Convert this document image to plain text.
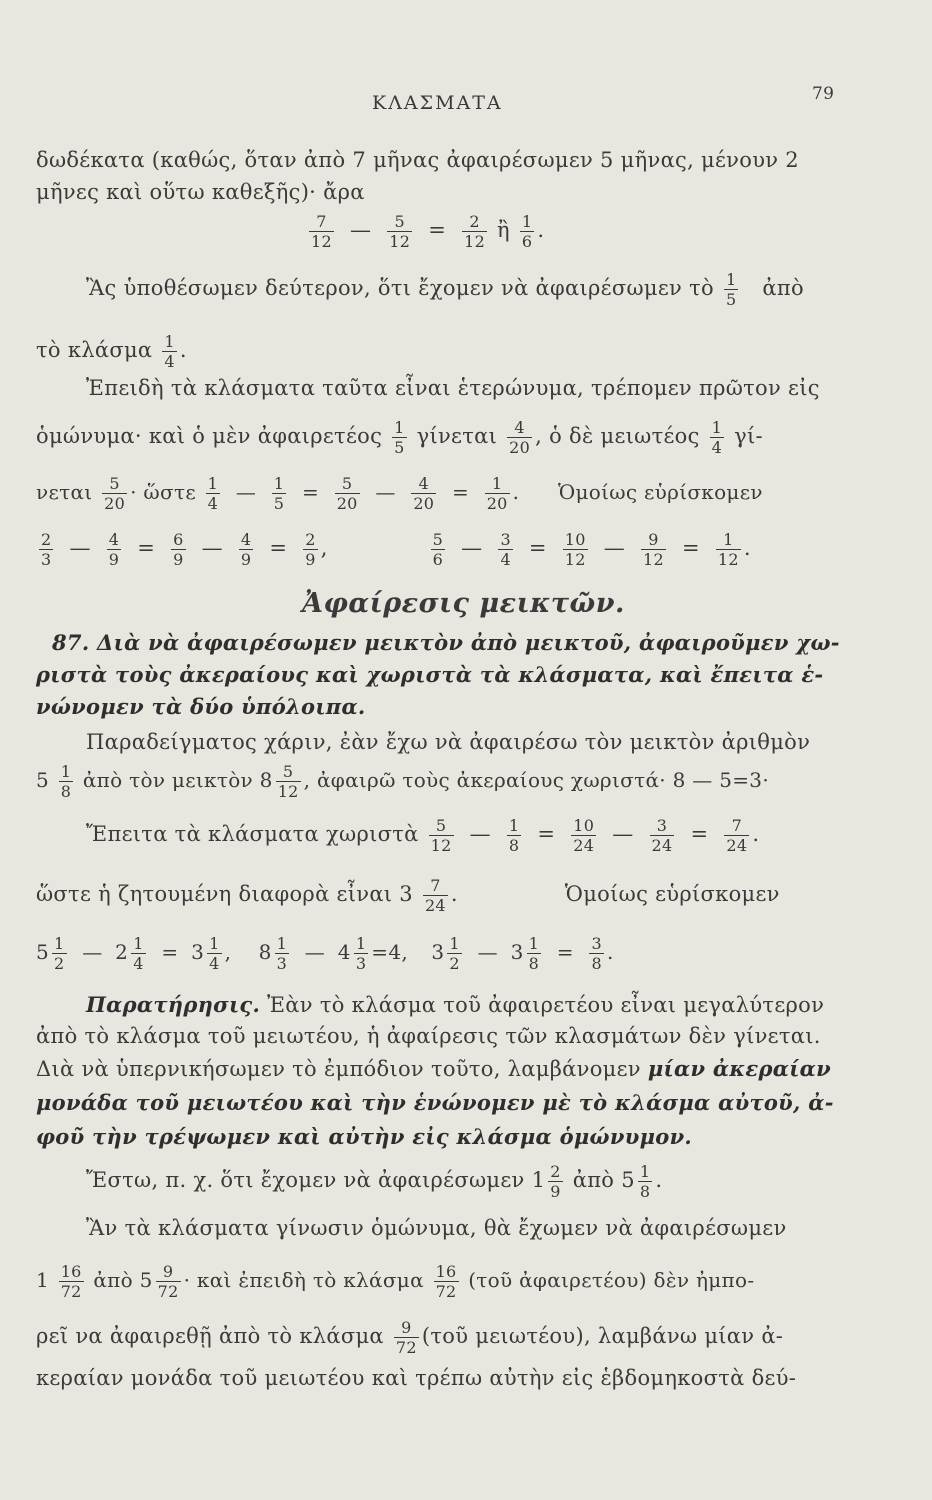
ΚΛΑΣΜΑΤΑ	79
δωδέκατα (καθώς, ὅταν ἀπὸ 7 μῆνας ἀφαιρέσωμεν 5 μῆνας, μένουν 2
μῆνες καὶ οὕτω καθεξῆς)· ἄρα
$\frac{7}{12}$ — $\frac{5}{12} = \frac{2}{12}$ ἢ $\frac{1}{6}$ .
Ἂς ὑποθέσωμεν δεύτερον, ὅτι ἔχομεν νὰ ἀφαιρέσωμεν τὸ $\frac{1}{5}$ ἀπὸ
τὸ κλάσμα $\frac{1}{4}$ .
Ἐπειδὴ τὰ κλάσματα ταῦτα εἶναι ἑτερώνυμα, τρέπομεν πρῶτον εἰς
ὁμώνυμα· καὶ ὁ μὲν ἀφαιρετέος $\frac{1}{5}$ γίνεται $\frac{4}{20}$ , ὁ δὲ μειωτέος $\frac{1}{4} \gamma ί-$
νεται $\frac{5}{20}$ · ὥστε $\frac{1}{4}$ — $\frac{1}{5} = \frac{5}{20}$ — $\frac{4}{20} = \frac{1}{20}$ . Ὁμοίως εὑρίσκομεν
$\frac{2}{3}$ — $\frac{4}{9} = \frac{6}{9}$ — $\frac{4}{9} = \frac{2}{9}$ ,	$\frac{5}{6}$ — $\frac{3}{4} = \frac{10}{12}$ — $\frac{9}{12} = \frac{1}{12}$ .
Ἀφαίρεσις μεικτῶν.
87. Διὰ νὰ ἀφαιρέσωμεν μεικτὸν ἀπὸ μεικτοῦ, ἀφαιροῦμεν χω-
ριστὰ τοὺς ἀκεραίους καὶ χωριστὰ τὰ κλάσματα, καὶ ἔπειτα ἑ-
νώνομεν τὰ δύο ὑπόλοιπα.
Παραδείγματος χάριν, ἐὰν ἔχω νὰ ἀφαιρέσω τὸν μεικτὸν ἀριθμὸν
$5 \frac{1}{8}$ ἀπὸ τὸν μεικτὸν $8 \frac{5}{12}$ , ἀφαιρῶ τοὺς ἀκεραίους χωριστά· 8 — 5=3·
Ἔπειτα τὰ κλάσματα χωριστὰ $\frac{5}{12}$ — $\frac{1}{8} = \frac{10}{24}$ — $\frac{3}{24} = \frac{7}{24}$ .
ὥστε ἡ ζητουμένη διαφορὰ εἶναι $3 \frac{7}{24}$ .	Ὁμοίως εὑρίσκομεν
$5 \frac{1}{2}$ — $2 \frac{1}{4} = 3 \frac{1}{4}$ ,  $8 \frac{1}{3}$ — $4 \frac{1}{3} =4$, $3 \frac{1}{2}$ — $3 \frac{1}{8} = \frac{3}{8}$ .
Παρατήρησις. Ἐὰν τὸ κλάσμα τοῦ ἀφαιρετέου εἶναι μεγαλύτερον
ἀπὸ τὸ κλάσμα τοῦ μειωτέου, ἡ ἀφαίρεσις τῶν κλασμάτων δὲν γίνεται.
Διὰ νὰ ὑπερνικήσωμεν τὸ ἐμπόδιον τοῦτο, λαμβάνομεν μίαν ἀκεραίαν
μονάδα τοῦ μειωτέου καὶ τὴν ἑνώνομεν μὲ τὸ κλάσμα αὐτοῦ, ἀ-
φοῦ τὴν τρέψωμεν καὶ αὐτὴν εἰς κλάσμα ὁμώνυμον.
Ἔστω, π. χ. ὅτι ἔχομεν νὰ ἀφαιρέσωμεν $1 \frac{2}{9}$ ἀπὸ $5 \frac{1}{8}$ .
Ἂν τὰ κλάσματα γίνωσιν ὁμώνυμα, θὰ ἔχωμεν νὰ ἀφαιρέσωμεν
$1 \frac{16}{72}$ ἀπὸ $5 \frac{9}{72}$ · καὶ ἐπειδὴ τὸ κλάσμα $\frac{16}{72}$ (τοῦ ἀφαιρετέου) δὲν ἠμπο-
ρεῖ να ἀφαιρεθῇ ἀπὸ τὸ κλάσμα $\frac{9}{72}$ (τοῦ μειωτέου), λαμβάνω μίαν ἀ-
κεραίαν μονάδα τοῦ μειωτέου καὶ τρέπω αὐτὴν εἰς ἑβδομηκοστὰ δεύ-
